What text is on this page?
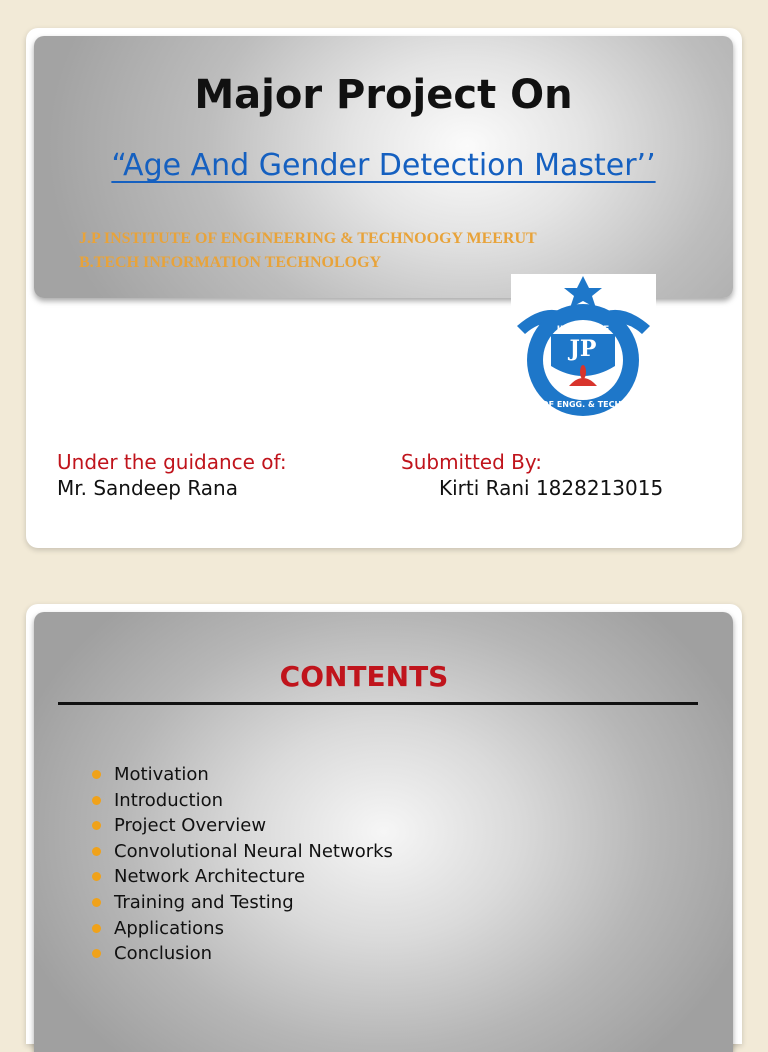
Major Project On
“Age And Gender Detection Master’’
J.P INSTITUTE OF ENGINEERING & TECHNOOGY MEERUT
B.TECH INFORMATION TECHNOLOGY
JP
INSTITUTE
OF ENGG. & TECH.
Under the guidance of:
Mr. Sandeep Rana
Submitted By:
Kirti Rani 1828213015
CONTENTS
Motivation
Introduction
Project Overview
Convolutional Neural Networks
Network Architecture
Training and Testing
Applications
Conclusion
